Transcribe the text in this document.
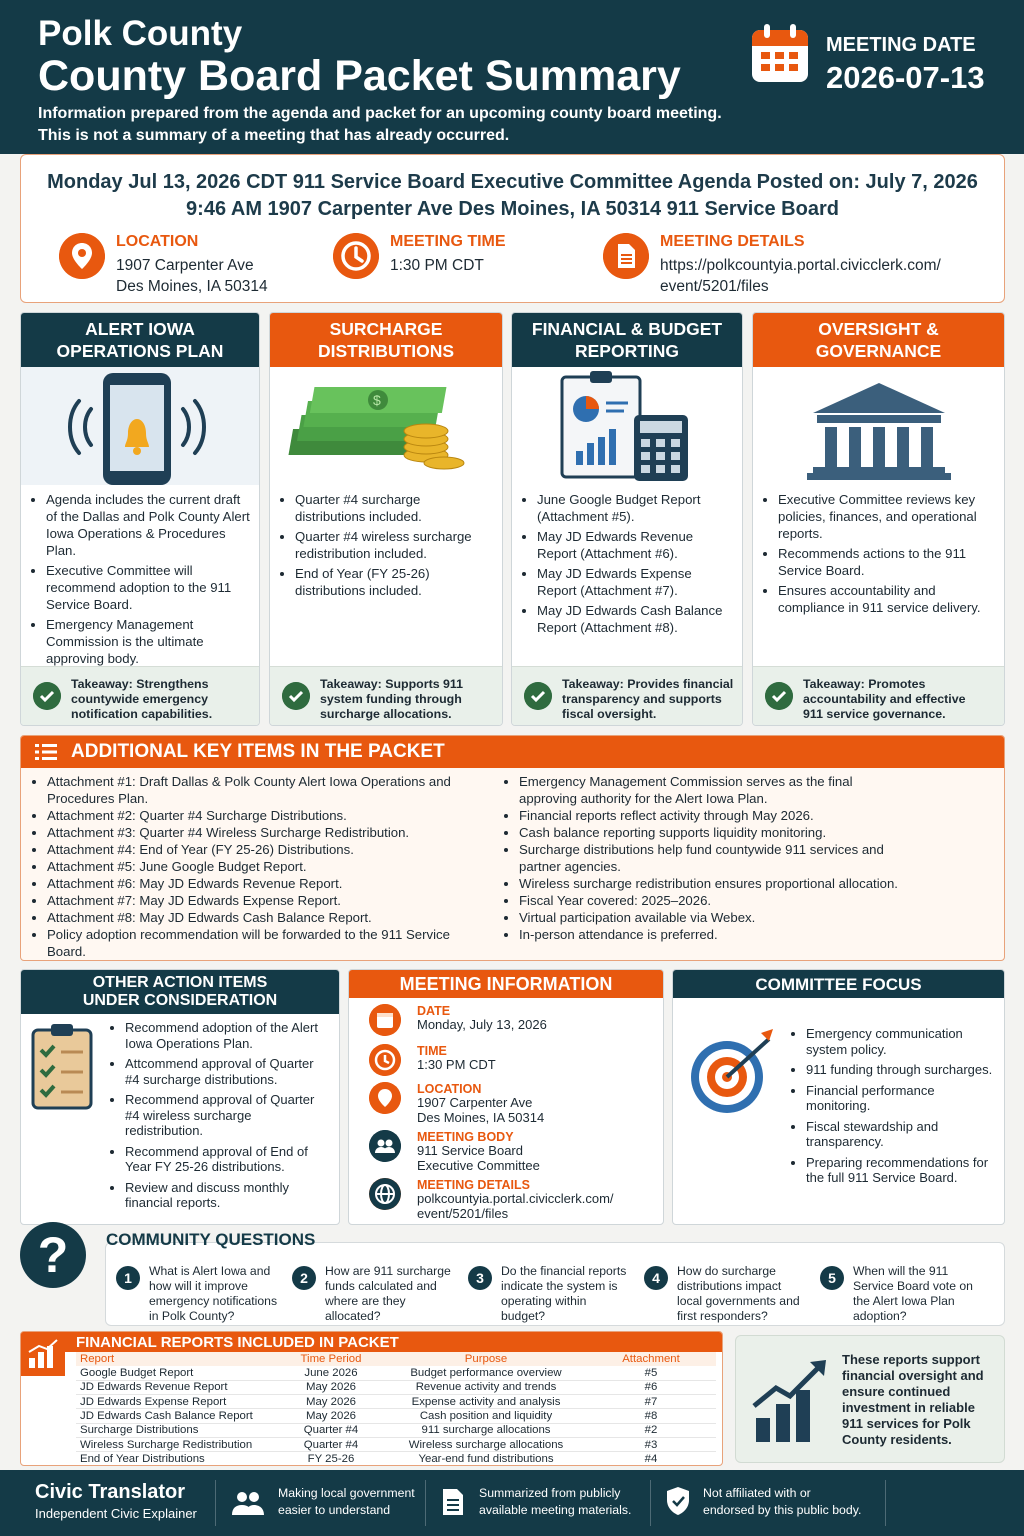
Polk County
County Board Packet Summary
Information prepared from the agenda and packet for an upcoming county board meeting. This is not a summary of a meeting that has already occurred.
MEETING DATE
2026-07-13
Monday Jul 13, 2026 CDT 911 Service Board Executive Committee Agenda Posted on: July 7, 2026
9:46 AM 1907 Carpenter Ave Des Moines, IA 50314 911 Service Board
LOCATION
1907 Carpenter Ave
Des Moines, IA 50314
MEETING TIME
1:30 PM CDT
MEETING DETAILS
https://polkcountyia.portal.civicclerk.com/
event/5201/files
ALERT IOWA
OPERATIONS PLAN
• Agenda includes the current draft of the Dallas and Polk County Alert Iowa Operations & Procedures Plan.
• Executive Committee will recommend adoption to the 911 Service Board.
• Emergency Management Commission is the ultimate approving body.
Takeaway: Strengthens countywide emergency notification capabilities.
SURCHARGE
DISTRIBUTIONS
$
• Quarter #4 surcharge distributions included.
• Quarter #4 wireless surcharge redistribution included.
• End of Year (FY 25-26) distributions included.
Takeaway: Supports 911 system funding through surcharge allocations.
FINANCIAL & BUDGET
REPORTING
• June Google Budget Report (Attachment #5).
• May JD Edwards Revenue Report (Attachment #6).
• May JD Edwards Expense Report (Attachment #7).
• May JD Edwards Cash Balance Report (Attachment #8).
Takeaway: Provides financial transparency and supports fiscal oversight.
OVERSIGHT &
GOVERNANCE
• Executive Committee reviews key policies, finances, and operational reports.
• Recommends actions to the 911 Service Board.
• Ensures accountability and compliance in 911 service delivery.
Takeaway: Promotes accountability and effective 911 service governance.
ADDITIONAL KEY ITEMS IN THE PACKET
• Attachment #1: Draft Dallas & Polk County Alert Iowa Operations and Procedures Plan.
• Attachment #2: Quarter #4 Surcharge Distributions.
• Attachment #3: Quarter #4 Wireless Surcharge Redistribution.
• Attachment #4: End of Year (FY 25-26) Distributions.
• Attachment #5: June Google Budget Report.
• Attachment #6: May JD Edwards Revenue Report.
• Attachment #7: May JD Edwards Expense Report.
• Attachment #8: May JD Edwards Cash Balance Report.
• Policy adoption recommendation will be forwarded to the 911 Service Board.
• Emergency Management Commission serves as the final approving authority for the Alert Iowa Plan.
• Financial reports reflect activity through May 2026.
• Cash balance reporting supports liquidity monitoring.
• Surcharge distributions help fund countywide 911 services and partner agencies.
• Wireless surcharge redistribution ensures proportional allocation.
• Fiscal Year covered: 2025–2026.
• Virtual participation available via Webex.
• In-person attendance is preferred.
OTHER ACTION ITEMS
UNDER CONSIDERATION
• Recommend adoption of the Alert Iowa Operations Plan.
• Attcommend approval of Quarter #4 surcharge distributions.
• Recommend approval of Quarter #4 wireless surcharge redistribution.
• Recommend approval of End of Year FY 25-26 distributions.
• Review and discuss monthly financial reports.
MEETING INFORMATION
DATE
Monday, July 13, 2026
TIME
1:30 PM CDT
LOCATION
1907 Carpenter Ave
Des Moines, IA 50314
MEETING BODY
911 Service Board
Executive Committee
MEETING DETAILS
polkcountyia.portal.civicclerk.com/
event/5201/files
COMMITTEE FOCUS
• Emergency communication system policy.
• 911 funding through surcharges.
• Financial performance monitoring.
• Fiscal stewardship and transparency.
• Preparing recommendations for the full 911 Service Board.
?	COMMUNITY QUESTIONS
1	What is Alert Iowa and how will it improve emergency notifications in Polk County?
2	How are 911 surcharge funds calculated and where are they allocated?
3	Do the financial reports indicate the system is operating within budget?
4	How do surcharge distributions impact local governments and first responders?
5	When will the 911 Service Board vote on the Alert Iowa Plan adoption?
FINANCIAL REPORTS INCLUDED IN PACKET
Report	Time Period	Purpose	Attachment
Google Budget Report	June 2026	Budget performance overview	#5
JD Edwards Revenue Report	May 2026	Revenue activity and trends	#6
JD Edwards Expense Report	May 2026	Expense activity and analysis	#7
JD Edwards Cash Balance Report	May 2026	Cash position and liquidity	#8
Surcharge Distributions	Quarter #4	911 surcharge allocations	#2
Wireless Surcharge Redistribution	Quarter #4	Wireless surcharge allocations	#3
End of Year Distributions	FY 25-26	Year-end fund distributions	#4
These reports support financial oversight and ensure continued investment in reliable 911 services for Polk County residents.
Civic Translator
Independent Civic Explainer
Making local government
easier to understand
Summarized from publicly
available meeting materials.
Not affiliated with or
endorsed by this public body.
